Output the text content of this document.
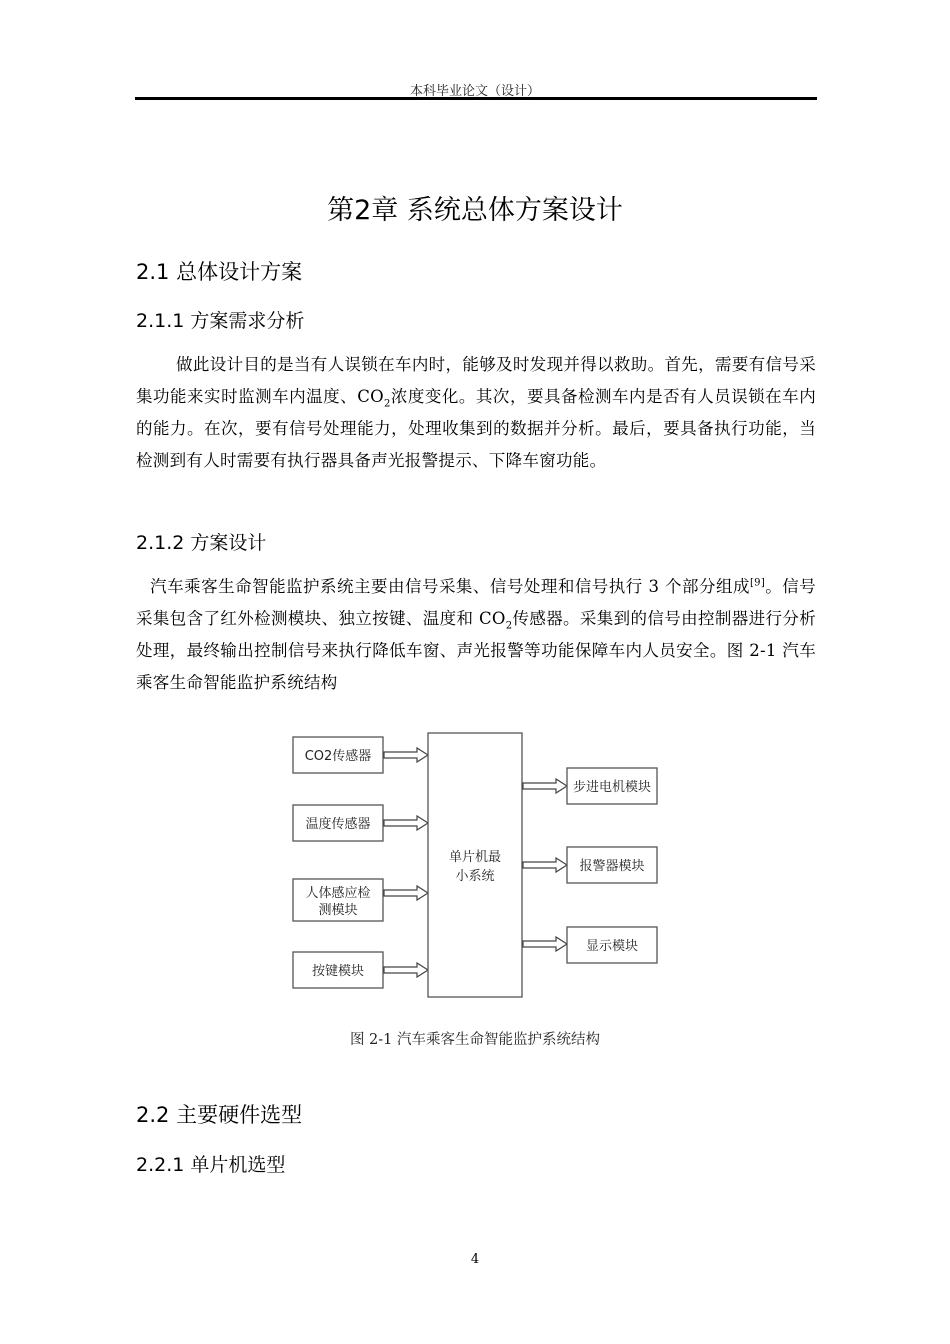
本科毕业论文（设计）
第2章 系统总体方案设计
2.1 总体设计方案
2.1.1 方案需求分析
做此设计目的是当有人误锁在车内时，能够及时发现并得以救助。首先，需要有信号采集功能来实时监测车内温度、$CO_2$浓度变化。其次，要具备检测车内是否有人员误锁在车内的能力。在次，要有信号处理能力，处理收集到的数据并分析。最后，要具备执行功能，当检测到有人时需要有执行器具备声光报警提示、下降车窗功能。
2.1.2 方案设计
汽车乘客生命智能监护系统主要由信号采集、信号处理和信号执行 3 个部分组成[9]。信号采集包含了红外检测模块、独立按键、温度和 $CO_2$传感器。采集到的信号由控制器进行分析处理，最终输出控制信号来执行降低车窗、声光报警等功能保障车内人员安全。图 2-1 汽车乘客生命智能监护系统结构
CO2传感器
温度传感器
人体感应检
测模块
按键模块
单片机最
小系统
步进电机模块
报警器模块
显示模块
图 2-1 汽车乘客生命智能监护系统结构
2.2 主要硬件选型
2.2.1 单片机选型
4
